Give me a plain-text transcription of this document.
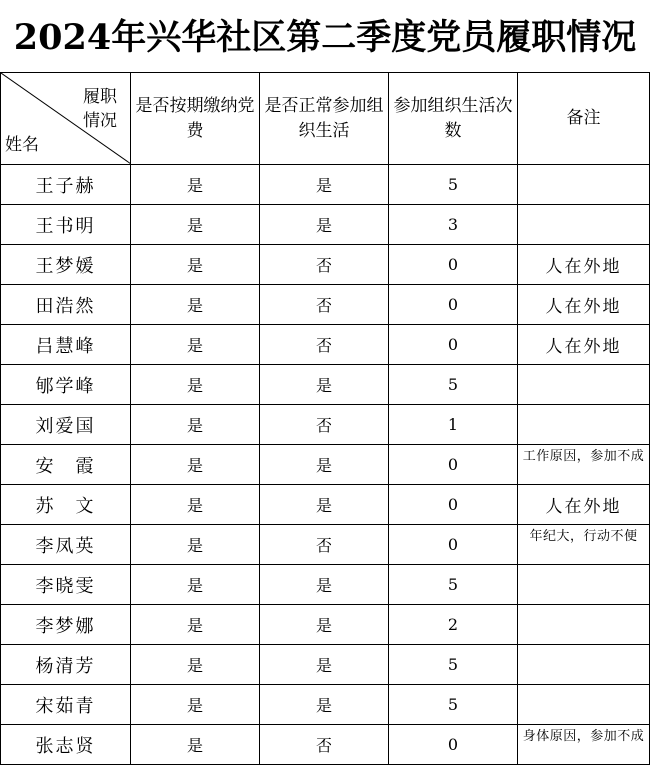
2024年兴华社区第二季度党员履职情况
履职情况
姓名	是否按期缴纳党费	是否正常参加组织生活	参加组织生活次数	备注
王子赫	是	是	5	
王书明	是	是	3	
王梦媛	是	否	0	人在外地
田浩然	是	否	0	人在外地
吕慧峰	是	否	0	人在外地
郇学峰	是	是	5	
刘爱国	是	否	1	
安　霞	是	是	0	工作原因，参加不成
苏　文	是	是	0	人在外地
李凤英	是	否	0	年纪大，行动不便
李晓雯	是	是	5	
李梦娜	是	是	2	
杨清芳	是	是	5	
宋茹青	是	是	5	
张志贤	是	否	0	身体原因，参加不成
